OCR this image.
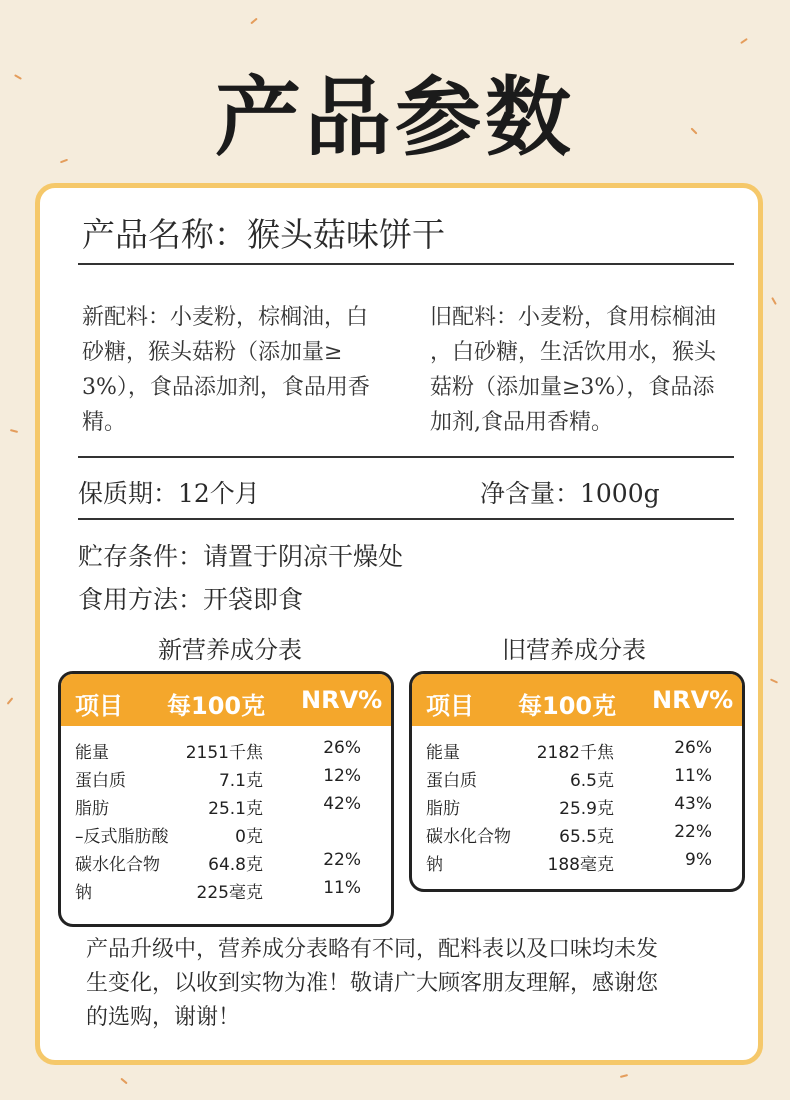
产品参数
产品名称：猴头菇味饼干
新配料：小麦粉，棕榈油，白
砂糖，猴头菇粉（添加量≥
3%），食品添加剂，食品用香
精。
旧配料：小麦粉，食用棕榈油
，白砂糖，生活饮用水，猴头
菇粉（添加量≥3%），食品添
加剂,食品用香精。
保质期：12个月	净含量：1000g
贮存条件：请置于阴凉干燥处
食用方法：开袋即食
新营养成分表	旧营养成分表
项目 每100克 NRV%
能量	2151千焦	26%
蛋白质	7.1克	12%
脂肪	25.1克	42%
–反式脂肪酸	0克
碳水化合物	64.8克	22%
钠	225毫克	11%
项目 每100克 NRV%
能量	2182千焦	26%
蛋白质	6.5克	11%
脂肪	25.9克	43%
碳水化合物	65.5克	22%
钠	188毫克	9%
产品升级中，营养成分表略有不同，配料表以及口味均未发
生变化，以收到实物为准！敬请广大顾客朋友理解，感谢您
的选购，谢谢！
